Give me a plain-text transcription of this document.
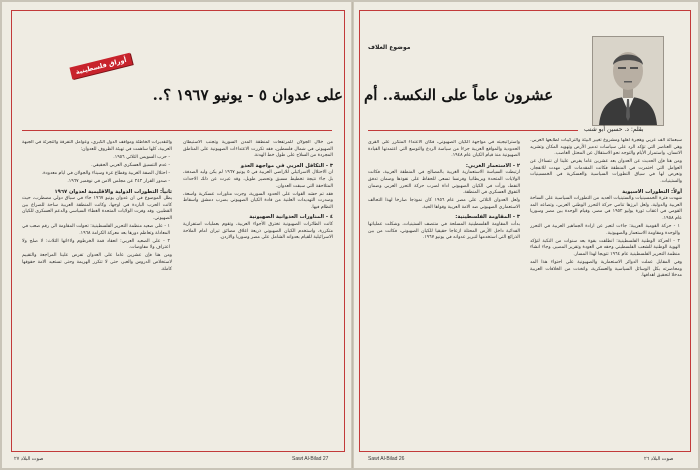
أوراق فلسطينية
على عدوان ٥ - يونيو ١٩٦٧ ؟..

من خلال الجولان للمرتفعات لمنطقة المدن السورية وتجنب الاستيطان الصهيوني في شمال فلسطين، فقد تكررت الاعتداءات الصهيونية على المناطق المجردة من السلاح على طول خط الهدنة.

٣ - التكافل العربي في مواجهة العدو

ان الاحتلال الاسرائيلي للاراضي العربية في ٥ يونيو ١٩٦٧ لم يكن وليد الصدفة، بل جاء نتيجة تخطيط مسبق وتحضير طويل، وقد عبرت عن ذلك الاحداث المتلاحقة التي سبقت العدوان.

فقد تم حشد القوات على الحدود السورية، وجرت مناورات عسكرية واسعة، وصدرت التهديدات العلنية من قادة الكيان الصهيوني بضرب دمشق واسقاط النظام فيها.

٤ - المناورات العدوانية الصهيونية

كانت الطائرات الصهيونية تخترق الأجواء العربية، وتقوم بعمليات استفزازية متكررة، واستخدم الكيان الصهيوني ذريعة اغلاق مضائق تيران امام الملاحة الاسرائيلية للقيام بعدوانه الشامل على مصر وسوريا والاردن.

والتقديرات الخاطئة ومواقف الدول الكبرى، وعوامل التفرقة والتجزئة في الجبهة العربية، كلها ساهمت في تهيئة الظروف للعدوان:

- حرب السويس الثلاثي ١٩٥٦.

- عدم التنسيق العسكري العربي الحقيقي.

- احتلال الضفة الغربية وقطاع غزة وسيناء والجولان في ايام معدودة.

- صدور القرار ٢٤٢ عن مجلس الامن في نوفمبر ١٩٦٧.

ثانياً: التطورات الدولية والاقليمية لعدوان ١٩٦٧

يظل الموضوع في ان عدوان يونيو ١٩٦٧ جاء في سياق دولي مضطرب، حيث كانت الحرب الباردة في اوجها، وكانت المنطقة العربية ساحة للصراع بين القطبين. وقد وفرت الولايات المتحدة الغطاء السياسي والدعم العسكري للكيان الصهيوني.

١ - على صعيد منظمة التحرير الفلسطينية: تحولت المقاومة الى رقم صعب في المعادلة وتعاظم دورها بعد معركة الكرامة ١٩٦٨.

٢ - على الصعيد العربي: انعقاد قمة الخرطوم ولاءاتها الثلاث: لا صلح ولا اعتراف ولا مفاوضات.

ومن هنا فإن عشرين عاما على العدوان تفرض علينا المراجعة والتقييم لاستخلاص الدروس والعبر، حتى لا تتكرر الهزيمة وحتى تستعيد الامة حقوقها كاملة.

صوت البلاد ٢٧	Sawt Al-Bilad 27
موضوع الغلاف
عشرون عاماً على النكسة.. أم
بقلم: د. حسين أبو شنب

سبعمائة الف عربي وهجرة أهلها ومشروع تغيير البيئة والتركيبات لطابعها العربي. وهي العناصر التي تؤكد الرد على سياسات تدمير الأرض وتهويد المكان وتشريد الانسان، واستمرار الأيام والتوجه نحو الاستقلال عن المحتل الغاصب.

ومن هنا فإن الحديث عن العدوان بعد عشرين عاما يفرض علينا ان نتساءل عن العوامل التي اختمرت في المنطقة فكانت المقدمات التي مهدت للانفجار، ونعرض لها في سياق التطورات السياسية والعسكرية في الخمسينيات والستينيات.

أولاً: التطورات الاسيوية

شهدت فترة الخمسينيات والستينيات العديد من التطورات السياسية على الساحة العربية والدولية، ولعل ابرزها تنامي حركة التحرر الوطني العربي، وتصاعد المد القومي في اعقاب ثورة يوليو ١٩٥٢ في مصر، وقيام الوحدة بين مصر وسوريا عام ١٩٥٨.

١ - حركة القومية العربية: جاءت لتعبر عن ارادة الجماهير العربية في التحرر والوحدة ومقاومة الاستعمار والصهيونية.

٢ - الحركة الوطنية الفلسطينية: انطلقت بقوة بعد سنوات من النكبة لتؤكد الهوية الوطنية للشعب الفلسطيني وحقه في العودة وتقرير المصير، وجاء انشاء منظمة التحرير الفلسطينية عام ١٩٦٤ تتويجا لهذا المسار.

وفي المقابل عملت الدوائر الاستعمارية والصهيونية على احتواء هذا المد ومحاصرته بكل الوسائل السياسية والعسكرية، واتخذت من الخلافات العربية مدخلا لتحقيق اهدافها.

واستراتيجيته في مواجهة الكيان الصهيوني، فكان الاعتداء المتكرر على القرى الحدودية والمواقع العربية جزءا من سياسة الردع والتوسع التي اعتمدتها القيادة الصهيونية منذ قيام الكيان عام ١٩٤٨.

٢ - الاستعمار الغربي:

ارتبطت السياسة الاستعمارية الغربية بالمصالح في المنطقة العربية، فكانت الولايات المتحدة وبريطانيا وفرنسا تسعى للحفاظ على نفوذها وضمان تدفق النفط، ورأت في الكيان الصهيوني اداة لضرب حركة التحرر العربي وضمان التفوق العسكري في المنطقة.

ولعل العدوان الثلاثي على مصر عام ١٩٥٦ كان نموذجا صارخا لهذا التحالف الاستعماري الصهيوني ضد الامة العربية وقواها الحية.

٣ - المقاومة الفلسطينية:

بدأت المقاومة الفلسطينية المسلحة في منتصف الستينيات، وشكلت عملياتها الفدائية داخل الأرض المحتلة ازعاجا حقيقيا للكيان الصهيوني، فكانت من بين الذرائع التي استخدمها لتبرير عدوانه في يونيو ١٩٦٧.

Sawt Al-Bilad 26	صوت البلاد ٢٦
